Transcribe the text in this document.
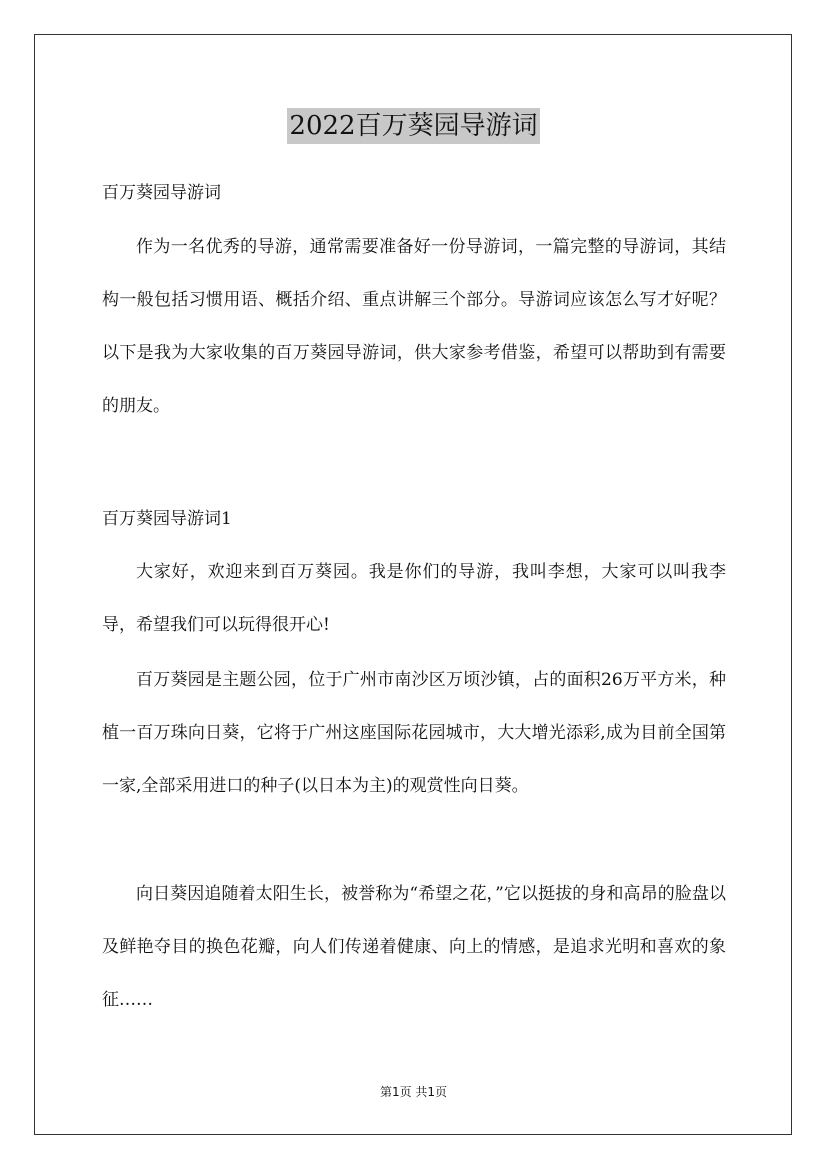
2022百万葵园导游词

百万葵园导游词

作为一名优秀的导游，通常需要准备好一份导游词，一篇完整的导游词，其结构一般包括习惯用语、概括介绍、重点讲解三个部分。导游词应该怎么写才好呢？以下是我为大家收集的百万葵园导游词，供大家参考借鉴，希望可以帮助到有需要的朋友。

百万葵园导游词1

大家好，欢迎来到百万葵园。我是你们的导游，我叫李想，大家可以叫我李导，希望我们可以玩得很开心!

百万葵园是主题公园，位于广州市南沙区万顷沙镇，占的面积26万平方米，种植一百万珠向日葵，它将于广州这座国际花园城市，大大增光添彩,成为目前全国第一家,全部采用进口的种子(以日本为主)的观赏性向日葵。

向日葵因追随着太阳生长，被誉称为“希望之花，”它以挺拔的身和高昂的脸盘以及鲜艳夺目的换色花瓣，向人们传递着健康、向上的情感，是追求光明和喜欢的象征……

第1页 共1页
